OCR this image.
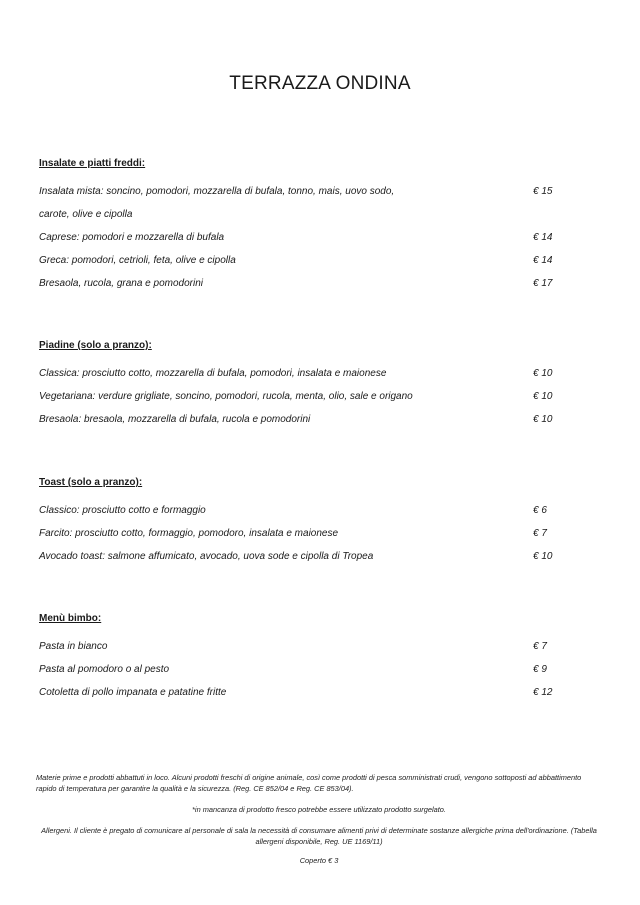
TERRAZZA ONDINA
Insalate e piatti freddi:
Insalata mista: soncino, pomodori, mozzarella di bufala, tonno, mais, uovo sodo,	€ 15
carote, olive e cipolla
Caprese: pomodori e mozzarella di bufala	€ 14
Greca: pomodori, cetrioli, feta, olive e cipolla	€ 14
Bresaola, rucola, grana e pomodorini	€ 17
Piadine (solo a pranzo):
Classica: prosciutto cotto, mozzarella di bufala, pomodori, insalata e maionese	€ 10
Vegetariana: verdure grigliate, soncino, pomodori, rucola, menta, olio, sale e origano	€ 10
Bresaola: bresaola, mozzarella di bufala, rucola e pomodorini	€ 10
Toast (solo a pranzo):
Classico: prosciutto cotto e formaggio	€ 6
Farcito: prosciutto cotto, formaggio, pomodoro, insalata e maionese	€ 7
Avocado toast: salmone affumicato, avocado, uova sode e cipolla di Tropea	€ 10
Menù bimbo:
Pasta in bianco	€ 7
Pasta al pomodoro o al pesto	€ 9
Cotoletta di pollo impanata e patatine fritte	€ 12

Materie prime e prodotti abbattuti in loco. Alcuni prodotti freschi di origine animale, così come prodotti di pesca somministrati crudi, vengono sottoposti ad abbattimento rapido di temperatura per garantire la qualità e la sicurezza. (Reg. CE 852/04 e Reg. CE 853/04).

*in mancanza di prodotto fresco potrebbe essere utilizzato prodotto surgelato.

Allergeni. Il cliente è pregato di comunicare al personale di sala la necessità di consumare alimenti privi di determinate sostanze allergiche prima dell'ordinazione. (Tabella allergeni disponibile, Reg. UE 1169/11)

Coperto € 3
